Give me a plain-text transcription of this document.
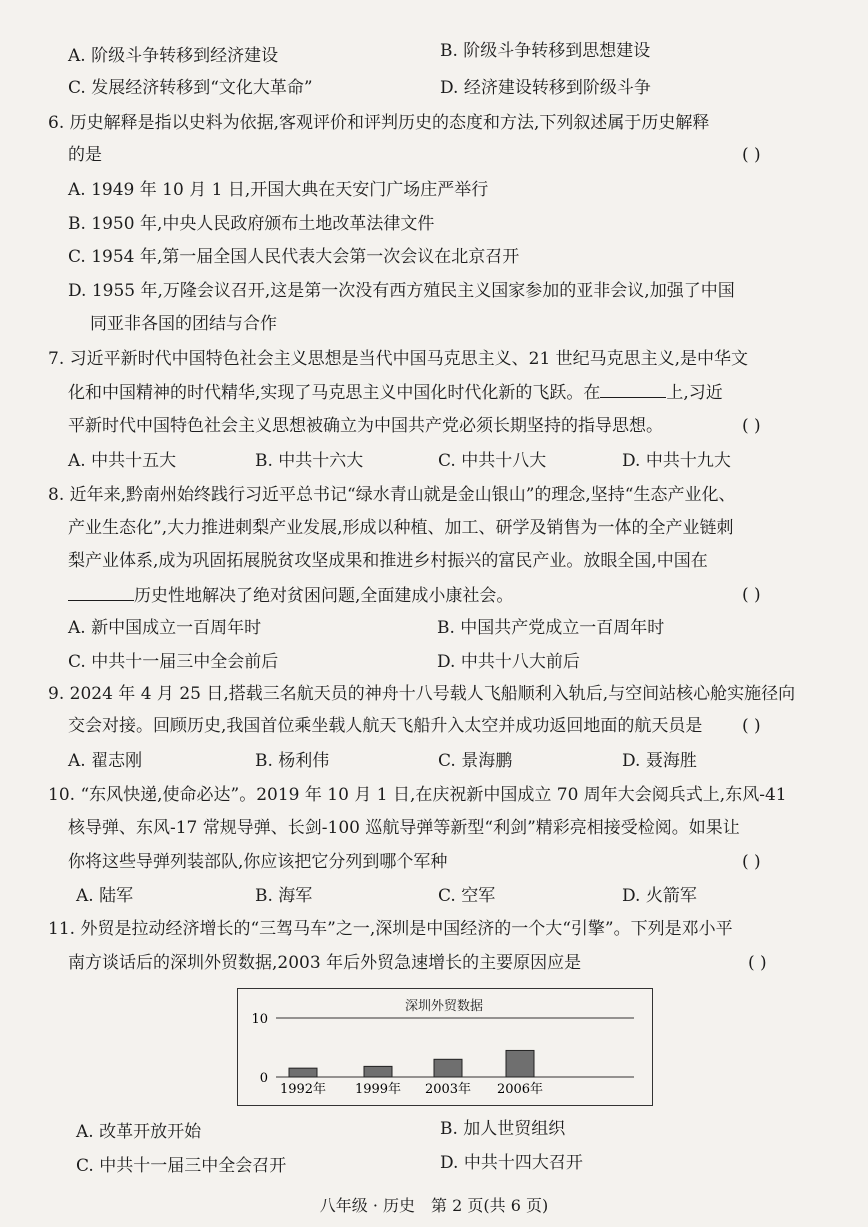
A. 阶级斗争转移到经济建设	B. 阶级斗争转移到思想建设
C. 发展经济转移到“文化大革命”	D. 经济建设转移到阶级斗争
6. 历史解释是指以史料为依据,客观评价和评判历史的态度和方法,下列叙述属于历史解释
的是	( )
A. 1949 年 10 月 1 日,开国大典在天安门广场庄严举行
B. 1950 年,中央人民政府颁布土地改革法律文件
C. 1954 年,第一届全国人民代表大会第一次会议在北京召开
D. 1955 年,万隆会议召开,这是第一次没有西方殖民主义国家参加的亚非会议,加强了中国
同亚非各国的团结与合作
7. 习近平新时代中国特色社会主义思想是当代中国马克思主义、21 世纪马克思主义,是中华文
化和中国精神的时代精华,实现了马克思主义中国化时代化新的飞跃。在	上,习近
平新时代中国特色社会主义思想被确立为中国共产党必须长期坚持的指导思想。	( )
A. 中共十五大	B. 中共十六大	C. 中共十八大	D. 中共十九大
8. 近年来,黔南州始终践行习近平总书记“绿水青山就是金山银山”的理念,坚持“生态产业化、
产业生态化”,大力推进刺梨产业发展,形成以种植、加工、研学及销售为一体的全产业链刺
梨产业体系,成为巩固拓展脱贫攻坚成果和推进乡村振兴的富民产业。放眼全国,中国在
历史性地解决了绝对贫困问题,全面建成小康社会。	( )
A. 新中国成立一百周年时	B. 中国共产党成立一百周年时
C. 中共十一届三中全会前后	D. 中共十八大前后
9. 2024 年 4 月 25 日,搭载三名航天员的神舟十八号载人飞船顺利入轨后,与空间站核心舱实施径向
交会对接。回顾历史,我国首位乘坐载人航天飞船升入太空并成功返回地面的航天员是 ( )
A. 翟志刚	B. 杨利伟	C. 景海鹏	D. 聂海胜
10. “东风快递,使命必达”。2019 年 10 月 1 日,在庆祝新中国成立 70 周年大会阅兵式上,东风-41
核导弹、东风-17 常规导弹、长剑-100 巡航导弹等新型“利剑”精彩亮相接受检阅。如果让
你将这些导弹列装部队,你应该把它分列到哪个军种	( )
A. 陆军	B. 海军	C. 空军	D. 火箭军
11. 外贸是拉动经济增长的“三驾马车”之一,深圳是中国经济的一个大“引擎”。下列是邓小平
南方谈话后的深圳外贸数据,2003 年后外贸急速增长的主要原因应是	( )
深圳外贸数据
10
0
1992年 1999年 2003年 2006年
A. 改革开放开始	B. 加人世贸组织
C. 中共十一届三中全会召开	D. 中共十四大召开
八年级 · 历史　第 2 页(共 6 页)
